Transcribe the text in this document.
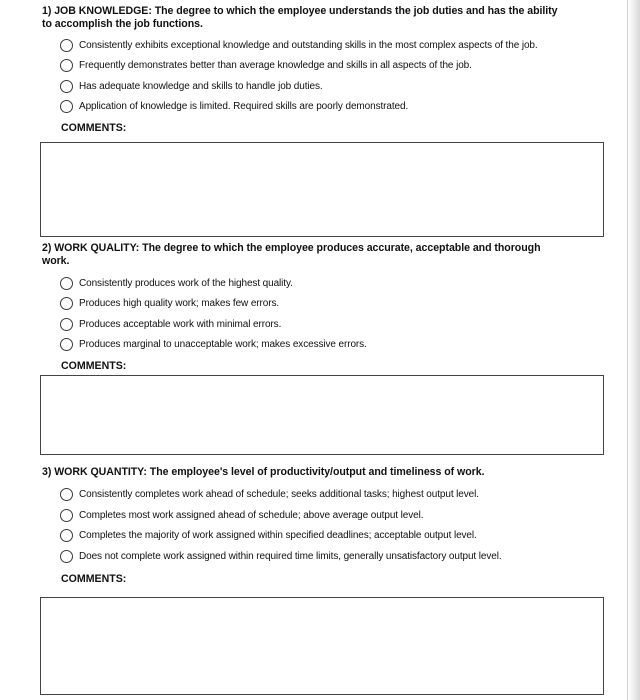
1) JOB KNOWLEDGE: The degree to which the employee understands the job duties and has the ability
to accomplish the job functions.
Consistently exhibits exceptional knowledge and outstanding skills in the most complex aspects of the job.
Frequently demonstrates better than average knowledge and skills in all aspects of the job.
Has adequate knowledge and skills to handle job duties.
Application of knowledge is limited. Required skills are poorly demonstrated.
COMMENTS:
2) WORK QUALITY: The degree to which the employee produces accurate, acceptable and thorough
work.
Consistently produces work of the highest quality.
Produces high quality work; makes few errors.
Produces acceptable work with minimal errors.
Produces marginal to unacceptable work; makes excessive errors.
COMMENTS:
3) WORK QUANTITY: The employee's level of productivity/output and timeliness of work.
Consistently completes work ahead of schedule; seeks additional tasks; highest output level.
Completes most work assigned ahead of schedule; above average output level.
Completes the majority of work assigned within specified deadlines; acceptable output level.
Does not complete work assigned within required time limits, generally unsatisfactory output level.
COMMENTS:
